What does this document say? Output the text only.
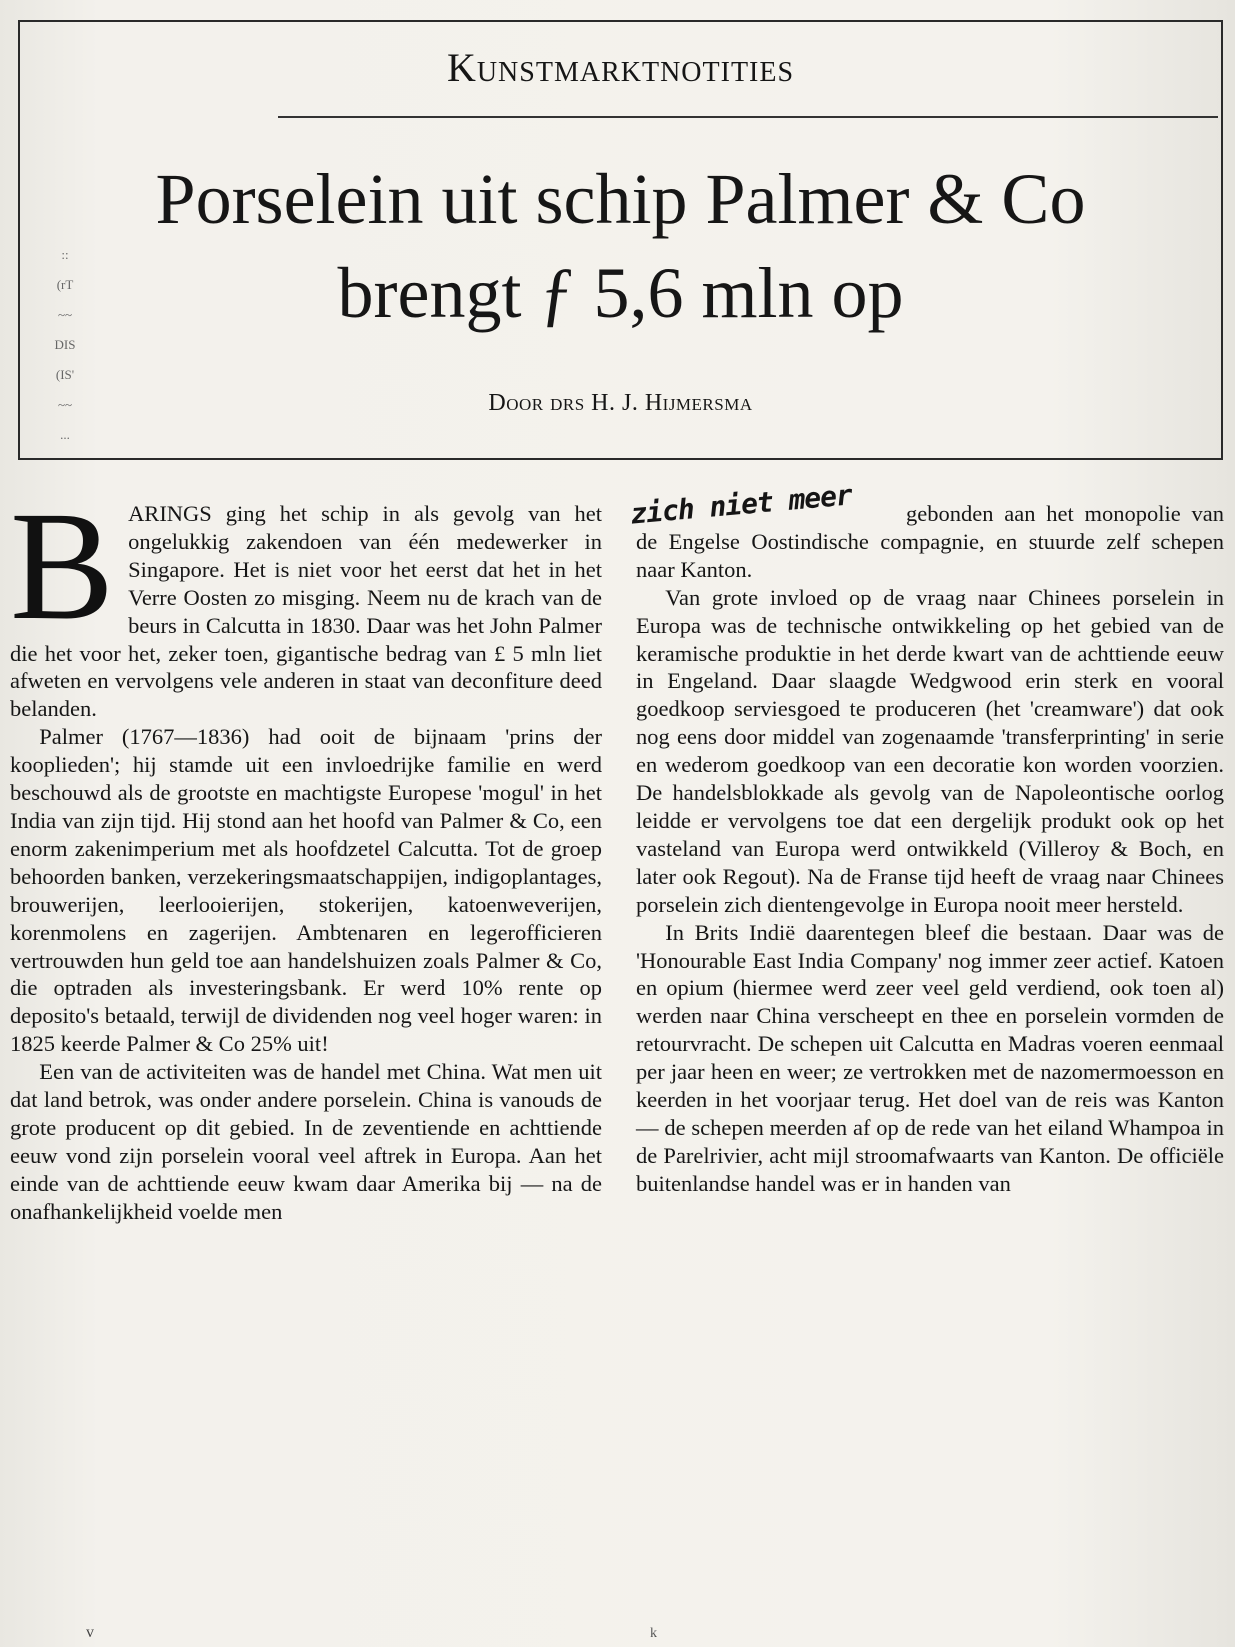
Kunstmarktnotities
Porselein uit schip Palmer & Co
brengt ƒ 5,6 mln op
Door drs H. J. Hijmersma
::
(rT
~~
DIS
(IS'
~~
...

BARINGS ging het schip in als gevolg van het ongelukkig zakendoen van één medewerker in Singapore. Het is niet voor het eerst dat het in het Verre Oosten zo misging. Neem nu de krach van de beurs in Calcutta in 1830. Daar was het John Palmer die het voor het, zeker toen, gigantische bedrag van £ 5 mln liet afweten en vervolgens vele anderen in staat van deconfiture deed belanden.

Palmer (1767—1836) had ooit de bijnaam 'prins der kooplieden'; hij stamde uit een invloedrijke familie en werd beschouwd als de grootste en machtigste Europese 'mogul' in het India van zijn tijd. Hij stond aan het hoofd van Palmer & Co, een enorm zakenimperium met als hoofdzetel Calcutta. Tot de groep behoorden banken, verzekeringsmaatschappijen, indigoplantages, brouwerijen, leerlooierijen, stokerijen, katoenweverijen, korenmolens en zagerijen. Ambtenaren en legerofficieren vertrouwden hun geld toe aan handelshuizen zoals Palmer & Co, die optraden als investeringsbank. Er werd 10% rente op deposito's betaald, terwijl de dividenden nog veel hoger waren: in 1825 keerde Palmer & Co 25% uit!

Een van de activiteiten was de handel met China. Wat men uit dat land betrok, was onder andere porselein. China is vanouds de grote producent op dit gebied. In de zeventiende en achttiende eeuw vond zijn porselein vooral veel aftrek in Europa. Aan het einde van de achttiende eeuw kwam daar Amerika bij — na de onafhankelijkheid voelde men

gebonden aan het monopolie van de Engelse Oostindische compagnie, en stuurde zelf schepen naar Kanton.

Van grote invloed op de vraag naar Chinees porselein in Europa was de technische ontwikkeling op het gebied van de keramische produktie in het derde kwart van de achttiende eeuw in Engeland. Daar slaagde Wedgwood erin sterk en vooral goedkoop serviesgoed te produceren (het 'creamware') dat ook nog eens door middel van zogenaamde 'transferprinting' in serie en wederom goedkoop van een decoratie kon worden voorzien. De handelsblokkade als gevolg van de Napoleontische oorlog leidde er vervolgens toe dat een dergelijk produkt ook op het vasteland van Europa werd ontwikkeld (Villeroy & Boch, en later ook Regout). Na de Franse tijd heeft de vraag naar Chinees porselein zich dientengevolge in Europa nooit meer hersteld.

In Brits Indië daarentegen bleef die bestaan. Daar was de 'Honourable East India Company' nog immer zeer actief. Katoen en opium (hiermee werd zeer veel geld verdiend, ook toen al) werden naar China verscheept en thee en porselein vormden de retourvracht. De schepen uit Calcutta en Madras voeren eenmaal per jaar heen en weer; ze vertrokken met de nazomermoesson en keerden in het voorjaar terug. Het doel van de reis was Kanton — de schepen meerden af op de rede van het eiland Whampoa in de Parelrivier, acht mijl stroomafwaarts van Kanton. De officiële buitenlandse handel was er in handen van

zich niet meer
v	k
